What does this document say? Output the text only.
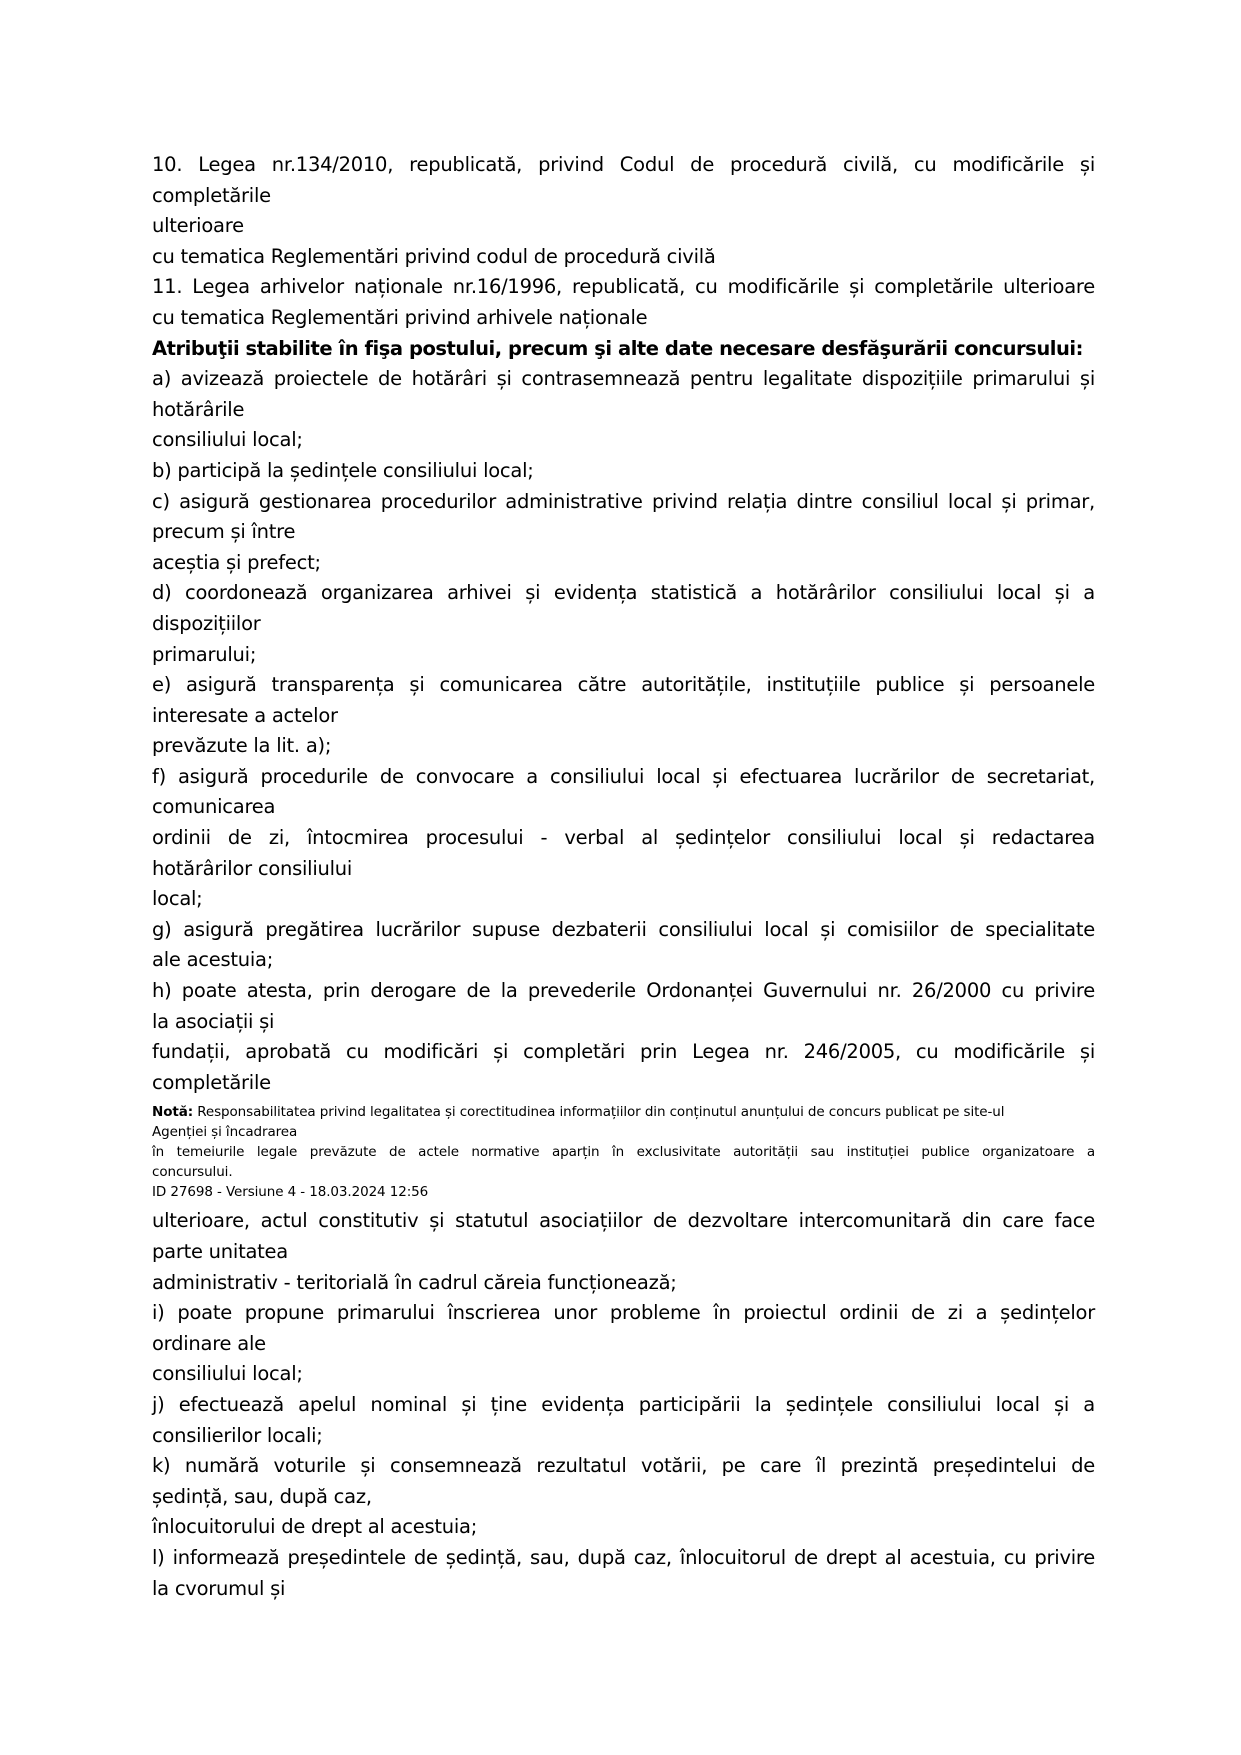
10. Legea nr.134/2010, republicată, privind Codul de procedură civilă, cu modificările și
completările
ulterioare
cu tematica Reglementări privind codul de procedură civilă
11. Legea arhivelor naționale nr.16/1996, republicată, cu modificările și completările ulterioare
cu tematica Reglementări privind arhivele naționale
Atribuţii stabilite în fişa postului, precum şi alte date necesare desfăşurării concursului:
a) avizează proiectele de hotărâri și contrasemnează pentru legalitate dispozițiile primarului și
hotărârile
consiliului local;
b) participă la ședințele consiliului local;
c) asigură gestionarea procedurilor administrative privind relația dintre consiliul local și primar,
precum și între
aceștia și prefect;
d) coordonează organizarea arhivei și evidența statistică a hotărârilor consiliului local și a
dispozițiilor
primarului;
e) asigură transparența și comunicarea către autoritățile, instituțiile publice și persoanele
interesate a actelor
prevăzute la lit. a);
f) asigură procedurile de convocare a consiliului local și efectuarea lucrărilor de secretariat,
comunicarea
ordinii de zi, întocmirea procesului - verbal al ședințelor consiliului local și redactarea
hotărârilor consiliului
local;
g) asigură pregătirea lucrărilor supuse dezbaterii consiliului local și comisiilor de specialitate
ale acestuia;
h) poate atesta, prin derogare de la prevederile Ordonanței Guvernului nr. 26/2000 cu privire
la asociații și
fundații, aprobată cu modificări și completări prin Legea nr. 246/2005, cu modificările și
completările
Notă: Responsabilitatea privind legalitatea și corectitudinea informațiilor din conținutul anunțului de concurs publicat pe site-ul
Agenției și încadrarea
în temeiurile legale prevăzute de actele normative aparțin în exclusivitate autorității sau instituției publice organizatoare a
concursului.
ID 27698 - Versiune 4 - 18.03.2024 12:56
ulterioare, actul constitutiv și statutul asociațiilor de dezvoltare intercomunitară din care face
parte unitatea
administrativ - teritorială în cadrul căreia funcționează;
i) poate propune primarului înscrierea unor probleme în proiectul ordinii de zi a ședințelor
ordinare ale
consiliului local;
j) efectuează apelul nominal și ține evidența participării la ședințele consiliului local și a
consilierilor locali;
k) numără voturile și consemnează rezultatul votării, pe care îl prezintă președintelui de
ședință, sau, după caz,
înlocuitorului de drept al acestuia;
l) informează președintele de ședință, sau, după caz, înlocuitorul de drept al acestuia, cu privire
la cvorumul și
